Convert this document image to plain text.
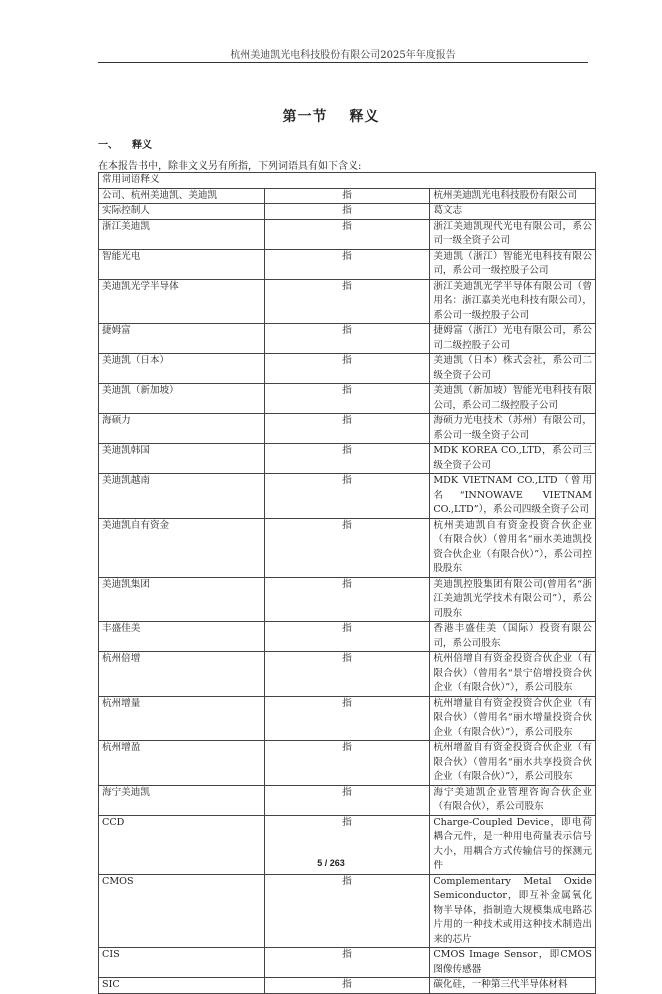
杭州美迪凯光电科技股份有限公司2025年年度报告
第一节 释义
一、 释义
在本报告书中，除非文义另有所指，下列词语具有如下含义:
常用词语释义		
公司、杭州美迪凯、美迪凯	指	杭州美迪凯光电科技股份有限公司
实际控制人	指	葛文志
浙江美迪凯	指	浙江美迪凯现代光电有限公司，系公司一级全资子公司
智能光电	指	美迪凯（浙江）智能光电科技有限公司，系公司一级控股子公司
美迪凯光学半导体	指	浙江美迪凯光学半导体有限公司（曾用名：浙江嘉美光电科技有限公司），系公司一级控股子公司
捷姆富	指	捷姆富（浙江）光电有限公司，系公司二级控股子公司
美迪凯（日本）	指	美迪凯（日本）株式会社，系公司二级全资子公司
美迪凯（新加坡）	指	美迪凯（新加坡）智能光电科技有限公司，系公司二级控股子公司
海硕力	指	海硕力光电技术（苏州）有限公司，系公司一级全资子公司
美迪凯韩国	指	MDK KOREA CO.,LTD，系公司三级全资子公司
美迪凯越南	指	MDK VIETNAM CO.,LTD（曾用名“INNOWAVE VIETNAM CO.,LTD”），系公司四级全资子公司
美迪凯自有资金	指	杭州美迪凯自有资金投资合伙企业（有限合伙）（曾用名“丽水美迪凯投资合伙企业（有限合伙）”），系公司控股股东
美迪凯集团	指	美迪凯控股集团有限公司(曾用名“浙江美迪凯光学技术有限公司”），系公司股东
丰盛佳美	指	香港丰盛佳美（国际）投资有限公司，系公司股东
杭州倍增	指	杭州倍增自有资金投资合伙企业（有限合伙）（曾用名“景宁倍增投资合伙企业（有限合伙）”），系公司股东
杭州增量	指	杭州增量自有资金投资合伙企业（有限合伙）（曾用名“丽水增量投资合伙企业（有限合伙）”），系公司股东
杭州增盈	指	杭州增盈自有资金投资合伙企业（有限合伙）（曾用名“丽水共享投资合伙企业（有限合伙）”），系公司股东
海宁美迪凯	指	海宁美迪凯企业管理咨询合伙企业（有限合伙），系公司股东
CCD	指	Charge-Coupled Device，即电荷耦合元件，是一种用电荷量表示信号大小，用耦合方式传输信号的探测元件
CMOS	指	Complementary Metal Oxide Semiconductor，即互补金属氧化物半导体，指制造大规模集成电路芯片用的一种技术或用这种技术制造出来的芯片
CIS	指	CMOS Image Sensor，即CMOS图像传感器
SIC	指	碳化硅，一种第三代半导体材料
5 / 263
